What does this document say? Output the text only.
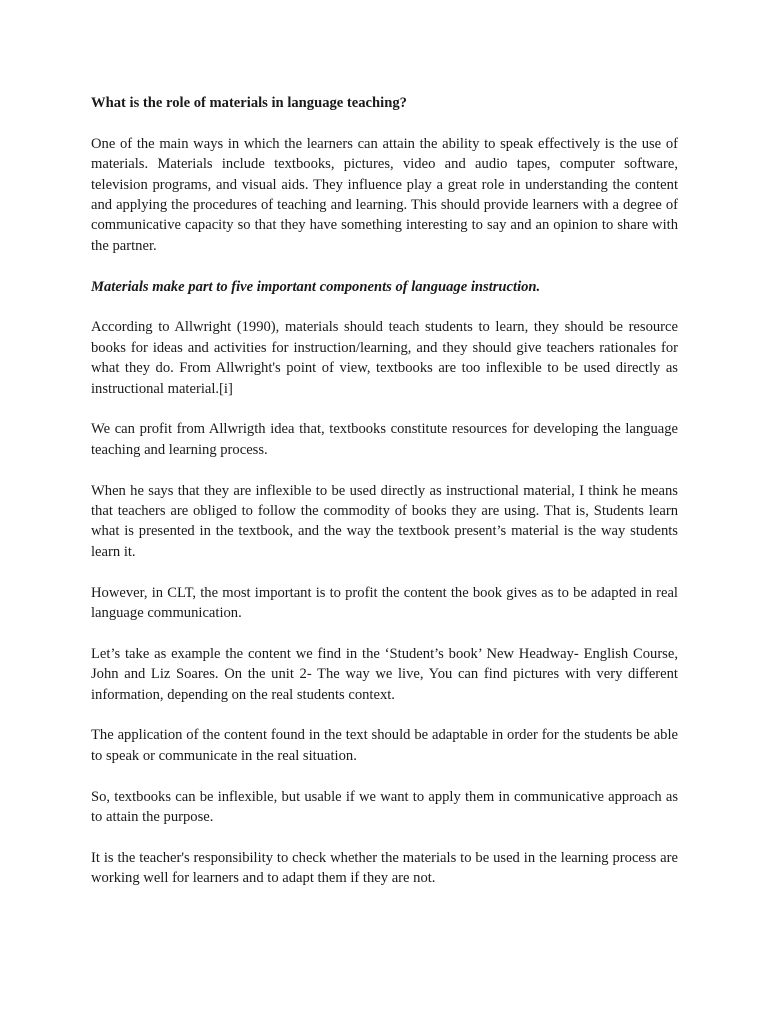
What is the role of materials in language teaching?

One of the main ways in which the learners can attain the ability to speak effectively is the use of materials. Materials include textbooks, pictures, video and audio tapes, computer software, television programs, and visual aids. They influence play a great role in understanding the content and applying the procedures of teaching and learning. This should provide learners with a degree of communicative capacity so that they have something interesting to say and an opinion to share with the partner.

Materials make part to five important components of language instruction.

According to Allwright (1990), materials should teach students to learn, they should be resource books for ideas and activities for instruction/learning, and they should give teachers rationales for what they do. From Allwright's point of view, textbooks are too inflexible to be used directly as instructional material.[i]

We can profit from Allwrigth idea that, textbooks constitute resources for developing the language teaching and learning process.

When he says that they are inflexible to be used directly as instructional material, I think he means that teachers are obliged to follow the commodity of books they are using. That is, Students learn what is presented in the textbook, and the way the textbook present’s material is the way students learn it.

However, in CLT, the most important is to profit the content the book gives as to be adapted in real language communication.

Let’s take as example the content we find in the ‘Student’s book’ New Headway- English Course, John and Liz Soares. On the unit 2- The way we live, You can find pictures with very different information, depending on the real students context.

The application of the content found in the text should be adaptable in order for the students be able to speak or communicate in the real situation.

So, textbooks can be inflexible, but usable if we want to apply them in communicative approach as to attain the purpose.

It is the teacher's responsibility to check whether the materials to be used in the learning process are working well for learners and to adapt them if they are not.
